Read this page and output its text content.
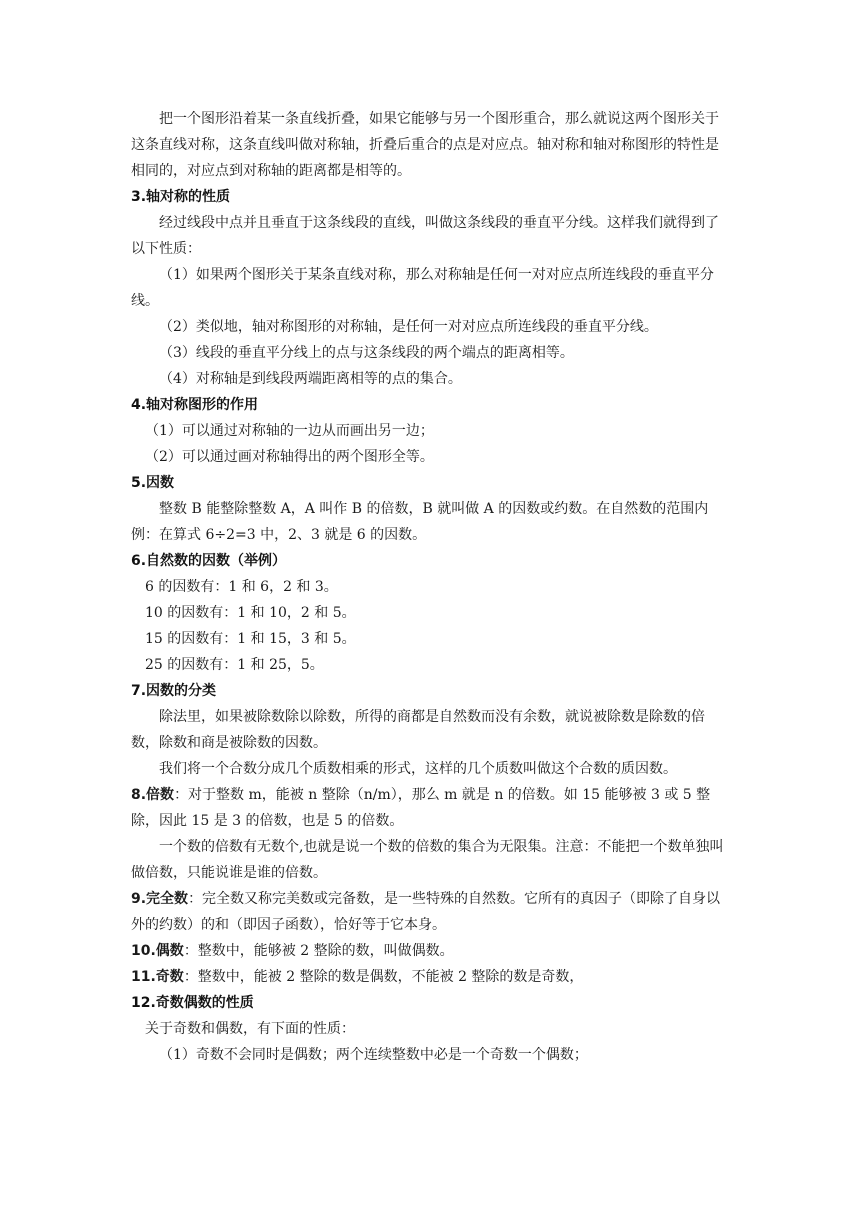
把一个图形沿着某一条直线折叠，如果它能够与另一个图形重合，那么就说这两个图形关于这条直线对称，这条直线叫做对称轴，折叠后重合的点是对应点。轴对称和轴对称图形的特性是相同的，对应点到对称轴的距离都是相等的。

3.轴对称的性质

经过线段中点并且垂直于这条线段的直线，叫做这条线段的垂直平分线。这样我们就得到了以下性质：

（1）如果两个图形关于某条直线对称，那么对称轴是任何一对对应点所连线段的垂直平分线。

（2）类似地，轴对称图形的对称轴，是任何一对对应点所连线段的垂直平分线。

（3）线段的垂直平分线上的点与这条线段的两个端点的距离相等。

（4）对称轴是到线段两端距离相等的点的集合。

4.轴对称图形的作用

（1）可以通过对称轴的一边从而画出另一边；

（2）可以通过画对称轴得出的两个图形全等。

5.因数

整数 B 能整除整数 A，A 叫作 B 的倍数，B 就叫做 A 的因数或约数。在自然数的范围内例：在算式 6÷2=3 中，2、3 就是 6 的因数。

6.自然数的因数（举例）

6 的因数有：1 和 6，2 和 3。

10 的因数有：1 和 10，2 和 5。

15 的因数有：1 和 15，3 和 5。

25 的因数有：1 和 25，5。

7.因数的分类

除法里，如果被除数除以除数，所得的商都是自然数而没有余数，就说被除数是除数的倍数，除数和商是被除数的因数。

我们将一个合数分成几个质数相乘的形式，这样的几个质数叫做这个合数的质因数。

8.倍数：对于整数 m，能被 n 整除（n/m），那么 m 就是 n 的倍数。如 15 能够被 3 或 5 整除，因此 15 是 3 的倍数，也是 5 的倍数。

一个数的倍数有无数个,也就是说一个数的倍数的集合为无限集。注意：不能把一个数单独叫做倍数，只能说谁是谁的倍数。

9.完全数：完全数又称完美数或完备数，是一些特殊的自然数。它所有的真因子（即除了自身以外的约数）的和（即因子函数），恰好等于它本身。

10.偶数：整数中，能够被 2 整除的数，叫做偶数。

11.奇数：整数中，能被 2 整除的数是偶数，不能被 2 整除的数是奇数，

12.奇数偶数的性质

关于奇数和偶数，有下面的性质：

（1）奇数不会同时是偶数；两个连续整数中必是一个奇数一个偶数；
